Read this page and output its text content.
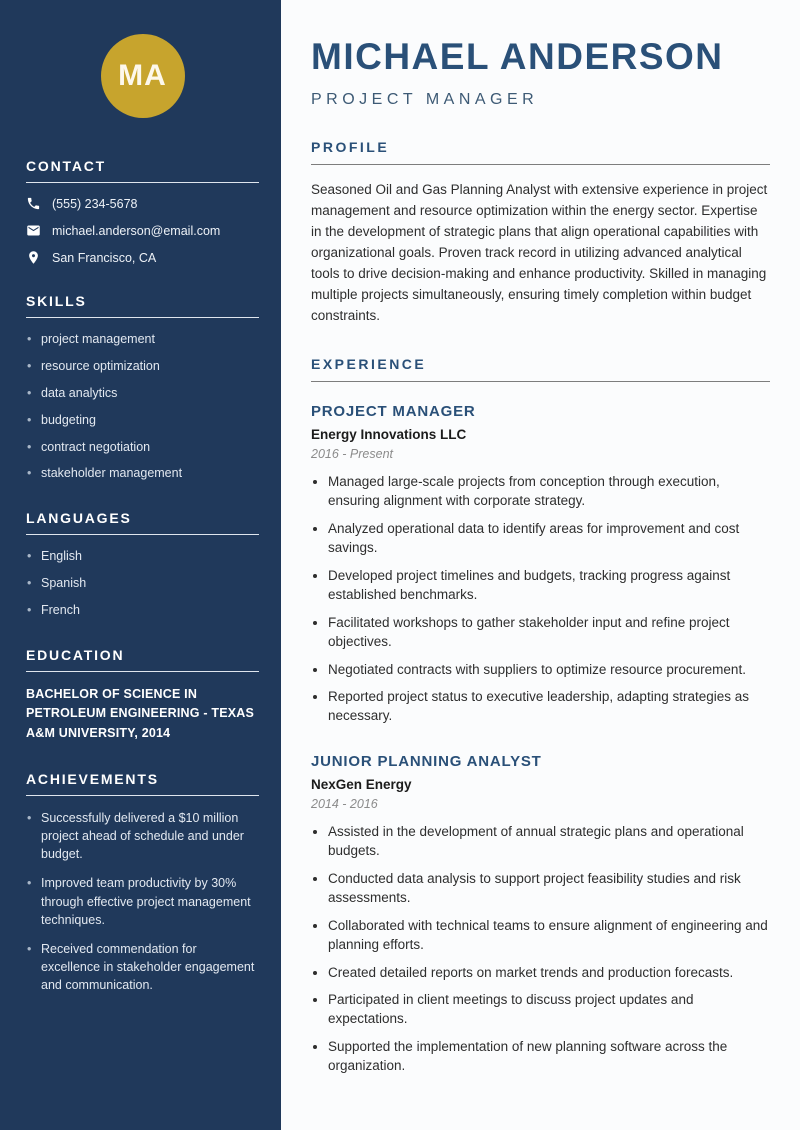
MA
CONTACT
(555) 234-5678
michael.anderson@email.com
San Francisco, CA
SKILLS
• project management
• resource optimization
• data analytics
• budgeting
• contract negotiation
• stakeholder management
LANGUAGES
• English
• Spanish
• French
EDUCATION
BACHELOR OF SCIENCE IN PETROLEUM ENGINEERING - TEXAS A&M UNIVERSITY, 2014
ACHIEVEMENTS
• Successfully delivered a $10 million project ahead of schedule and under budget.
• Improved team productivity by 30% through effective project management techniques.
• Received commendation for excellence in stakeholder engagement and communication.
MICHAEL ANDERSON
PROJECT MANAGER
PROFILE

Seasoned Oil and Gas Planning Analyst with extensive experience in project management and resource optimization within the energy sector. Expertise in the development of strategic plans that align operational capabilities with organizational goals. Proven track record in utilizing advanced analytical tools to drive decision-making and enhance productivity. Skilled in managing multiple projects simultaneously, ensuring timely completion within budget constraints.

EXPERIENCE
PROJECT MANAGER
Energy Innovations LLC
2016 - Present
• Managed large-scale projects from conception through execution, ensuring alignment with corporate strategy.
• Analyzed operational data to identify areas for improvement and cost savings.
• Developed project timelines and budgets, tracking progress against established benchmarks.
• Facilitated workshops to gather stakeholder input and refine project objectives.
• Negotiated contracts with suppliers to optimize resource procurement.
• Reported project status to executive leadership, adapting strategies as necessary.
JUNIOR PLANNING ANALYST
NexGen Energy
2014 - 2016
• Assisted in the development of annual strategic plans and operational budgets.
• Conducted data analysis to support project feasibility studies and risk assessments.
• Collaborated with technical teams to ensure alignment of engineering and planning efforts.
• Created detailed reports on market trends and production forecasts.
• Participated in client meetings to discuss project updates and expectations.
• Supported the implementation of new planning software across the organization.
